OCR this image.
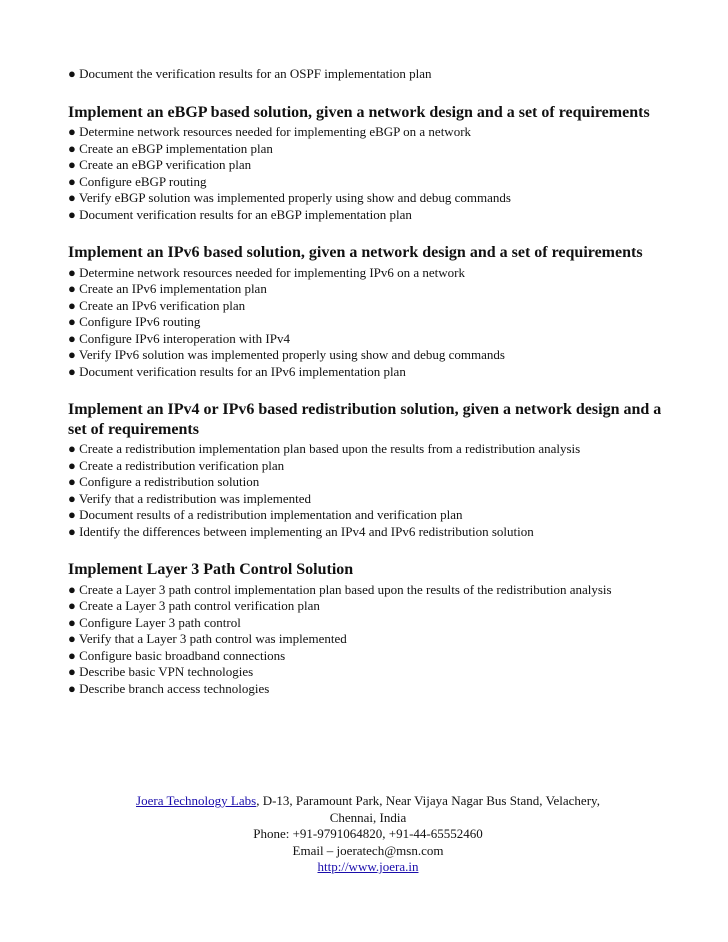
● Document the verification results for an OSPF implementation plan
Implement an eBGP based solution, given a network design and a set of requirements
● Determine network resources needed for implementing eBGP on a network
● Create an eBGP implementation plan
● Create an eBGP verification plan
● Configure eBGP routing
● Verify eBGP solution was implemented properly using show and debug commands
● Document verification results for an eBGP implementation plan
Implement an IPv6 based solution, given a network design and a set of requirements
● Determine network resources needed for implementing IPv6 on a network
● Create an IPv6 implementation plan
● Create an IPv6 verification plan
● Configure IPv6 routing
● Configure IPv6 interoperation with IPv4
● Verify IPv6 solution was implemented properly using show and debug commands
● Document verification results for an IPv6 implementation plan
Implement an IPv4 or IPv6 based redistribution solution, given a network design and a set of requirements
● Create a redistribution implementation plan based upon the results from a redistribution analysis
● Create a redistribution verification plan
● Configure a redistribution solution
● Verify that a redistribution was implemented
● Document results of a redistribution implementation and verification plan
● Identify the differences between implementing an IPv4 and IPv6 redistribution solution
Implement Layer 3 Path Control Solution
● Create a Layer 3 path control implementation plan based upon the results of the redistribution analysis
● Create a Layer 3 path control verification plan
● Configure Layer 3 path control
● Verify that a Layer 3 path control was implemented
● Configure basic broadband connections
● Describe basic VPN technologies
● Describe branch access technologies
Joera Technology Labs, D-13, Paramount Park, Near Vijaya Nagar Bus Stand, Velachery,
Chennai, India
Phone: +91-9791064820, +91-44-65552460
Email – joeratech@msn.com
http://www.joera.in
